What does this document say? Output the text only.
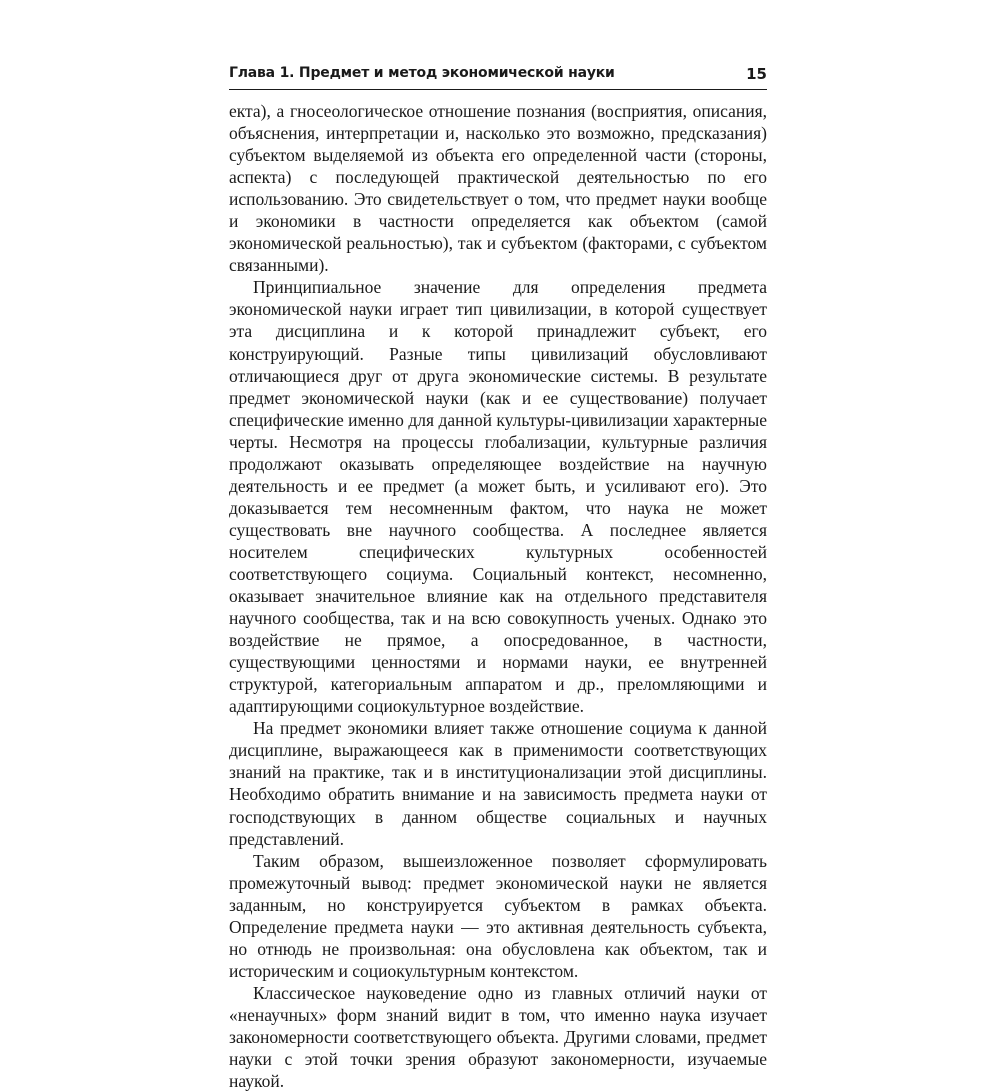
Глава 1. Предмет и метод экономической науки	15

екта), а гносеологическое отношение познания (восприятия, описания, объяснения, интерпретации и, насколько это возможно, предсказания) субъектом выделяемой из объекта его определенной части (стороны, аспекта) с последующей практической деятельностью по его использованию. Это свидетельствует о том, что предмет науки вообще и экономики в частности определяется как объектом (самой экономической реальностью), так и субъектом (факторами, с субъектом связанными).

Принципиальное значение для определения предмета экономической науки играет тип цивилизации, в которой существует эта дисциплина и к которой принадлежит субъект, его конструирующий. Разные типы цивилизаций обусловливают отличающиеся друг от друга экономические системы. В результате предмет экономической науки (как и ее существование) получает специфические именно для данной культуры-цивилизации характерные черты. Несмотря на процессы глобализации, культурные различия продолжают оказывать определяющее воздействие на научную деятельность и ее предмет (а может быть, и усиливают его). Это доказывается тем несомненным фактом, что наука не может существовать вне научного сообщества. А последнее является носителем специфических культурных особенностей соответствующего социума. Социальный контекст, несомненно, оказывает значительное влияние как на отдельного представителя научного сообщества, так и на всю совокупность ученых. Однако это воздействие не прямое, а опосредованное, в частности, существующими ценностями и нормами науки, ее внутренней структурой, категориальным аппаратом и др., преломляющими и адаптирующими социокультурное воздействие.

На предмет экономики влияет также отношение социума к данной дисциплине, выражающееся как в применимости соответствующих знаний на практике, так и в институционализации этой дисциплины. Необходимо обратить внимание и на зависимость предмета науки от господствующих в данном обществе социальных и научных представлений.

Таким образом, вышеизложенное позволяет сформулировать промежуточный вывод: предмет экономической науки не является заданным, но конструируется субъектом в рамках объекта. Определение предмета науки — это активная деятельность субъекта, но отнюдь не произвольная: она обусловлена как объектом, так и историческим и социокультурным контекстом.

Классическое науковедение одно из главных отличий науки от «ненаучных» форм знаний видит в том, что именно наука изучает закономерности соответствующего объекта. Другими словами, предмет науки с этой точки зрения образуют закономерности, изучаемые наукой.
